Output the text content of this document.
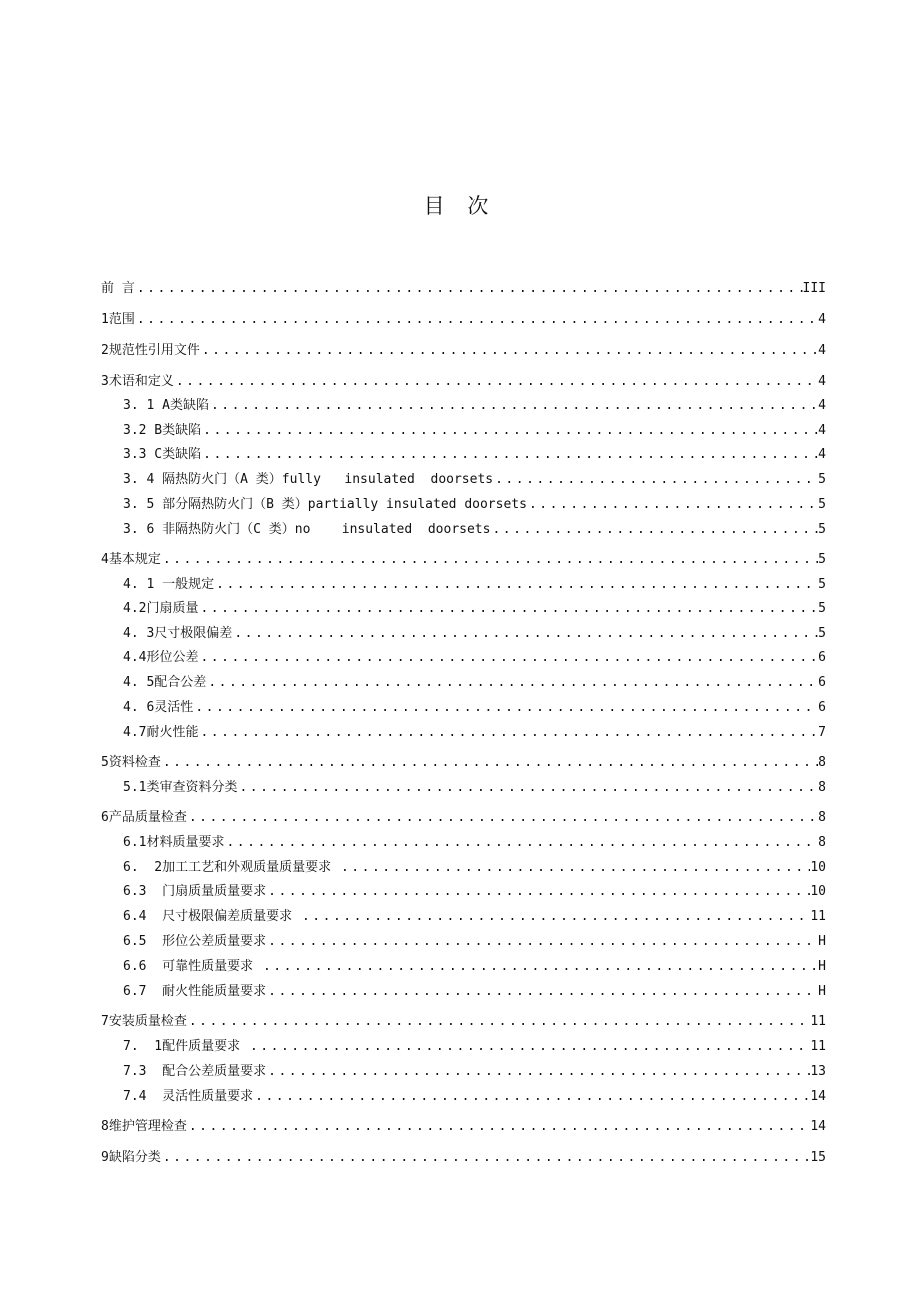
目 次
前 言 .....	III
1范围 .....	4
2规范性引用文件 .....	4
3术语和定义 .....	4
3. 1 A类缺陷 .....	4
3.2 B类缺陷 .....	4
3.3 C类缺陷 .....	4
3. 4 隔热防火门（A 类）fully   insulated  doorsets .....	5
3. 5 部分隔热防火门（B 类）partially insulated doorsets .....	5
3. 6 非隔热防火门（C 类）no    insulated  doorsets .....	5
4基本规定 .....	5
4. 1 一般规定 .....	5
4.2门扇质量 .....	5
4. 3尺寸极限偏差 .....	5
4.4形位公差 .....	6
4. 5配合公差 .....	6
4. 6灵活性 .....	6
4.7耐火性能 .....	7
5资料检查 .....	8
5.1类审查资料分类 .....	8
6产品质量检查 .....	8
6.1材料质量要求 .....	8
6.  2加工工艺和外观质量质量要求 .....	10
6.3  门扇质量质量要求 .....	10
6.4  尺寸极限偏差质量要求 .....	11
6.5  形位公差质量要求 .....	H
6.6  可靠性质量要求 .....	H
6.7  耐火性能质量要求 .....	H
7安装质量检查 .....	11
7.  1配件质量要求 .....	11
7.3  配合公差质量要求 .....	13
7.4  灵活性质量要求 .....	14
8维护管理检查 .....	14
9缺陷分类 .....	15
